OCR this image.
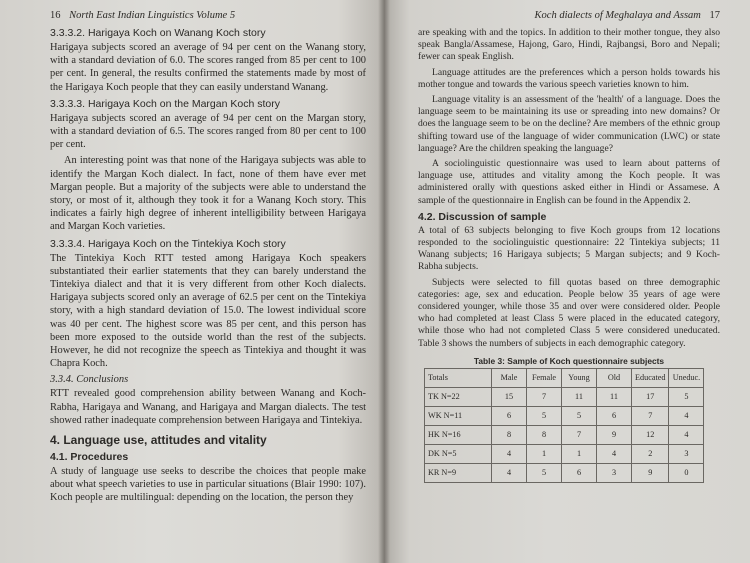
16 North East Indian Linguistics Volume 5
3.3.3.2. Harigaya Koch on Wanang Koch story

Harigaya subjects scored an average of 94 per cent on the Wanang story, with a standard deviation of 6.0. The scores ranged from 85 per cent to 100 per cent. In general, the results confirmed the statements made by most of the Harigaya Koch people that they can easily understand Wanang.

3.3.3.3. Harigaya Koch on the Margan Koch story

Harigaya subjects scored an average of 94 per cent on the Margan story, with a standard deviation of 6.5. The scores ranged from 80 per cent to 100 per cent.

An interesting point was that none of the Harigaya subjects was able to identify the Margan Koch dialect. In fact, none of them have ever met Margan people. But a majority of the subjects were able to understand the story, or most of it, although they took it for a Wanang Koch story. This indicates a fairly high degree of inherent intelligibility between Harigaya and Margan Koch varieties.

3.3.3.4. Harigaya Koch on the Tintekiya Koch story

The Tintekiya Koch RTT tested among Harigaya Koch speakers substantiated their earlier statements that they can barely understand the Tintekiya dialect and that it is very different from other Koch dialects. Harigaya subjects scored only an average of 62.5 per cent on the Tintekiya story, with a high standard deviation of 15.0. The lowest individual score was 40 per cent. The highest score was 85 per cent, and this person has been more exposed to the outside world than the rest of the subjects. However, he did not recognize the speech as Tintekiya and thought it was Chapra Koch.

3.3.4. Conclusions

RTT revealed good comprehension ability between Wanang and Koch-Rabha, Harigaya and Wanang, and Harigaya and Margan dialects. The test showed rather inadequate comprehension between Harigaya and Tintekiya.

4. Language use, attitudes and vitality
4.1. Procedures

A study of language use seeks to describe the choices that people make about what speech varieties to use in particular situations (Blair 1990: 107). Koch people are multilingual: depending on the location, the person they

Koch dialects of Meghalaya and Assam 17

are speaking with and the topics. In addition to their mother tongue, they also speak Bangla/Assamese, Hajong, Garo, Hindi, Rajbangsi, Boro and Nepali; fewer can speak English.

Language attitudes are the preferences which a person holds towards his mother tongue and towards the various speech varieties known to him.

Language vitality is an assessment of the 'health' of a language. Does the language seem to be maintaining its use or spreading into new domains? Or does the language seem to be on the decline? Are members of the ethnic group shifting toward use of the language of wider communication (LWC) or state language? Are the children speaking the language?

A sociolinguistic questionnaire was used to learn about patterns of language use, attitudes and vitality among the Koch people. It was administered orally with questions asked either in Hindi or Assamese. A sample of the questionnaire in English can be found in the Appendix 2.

4.2. Discussion of sample

A total of 63 subjects belonging to five Koch groups from 12 locations responded to the sociolinguistic questionnaire: 22 Tintekiya subjects; 11 Wanang subjects; 16 Harigaya subjects; 5 Margan subjects; and 9 Koch-Rabha subjects.

Subjects were selected to fill quotas based on three demographic categories: age, sex and education. People below 35 years of age were considered younger, while those 35 and over were considered older. People who had completed at least Class 5 were placed in the educated category, while those who had not completed Class 5 were considered uneducated. Table 3 shows the numbers of subjects in each demographic category.

Table 3: Sample of Koch questionnaire subjects
Totals	Male	Female	Young	Old	Educated	Uneduc.
TK N=22	15	7	11	11	17	5
WK N=11	6	5	5	6	7	4
HK N=16	8	8	7	9	12	4
DK N=5	4	1	1	4	2	3
KR N=9	4	5	6	3	9	0
